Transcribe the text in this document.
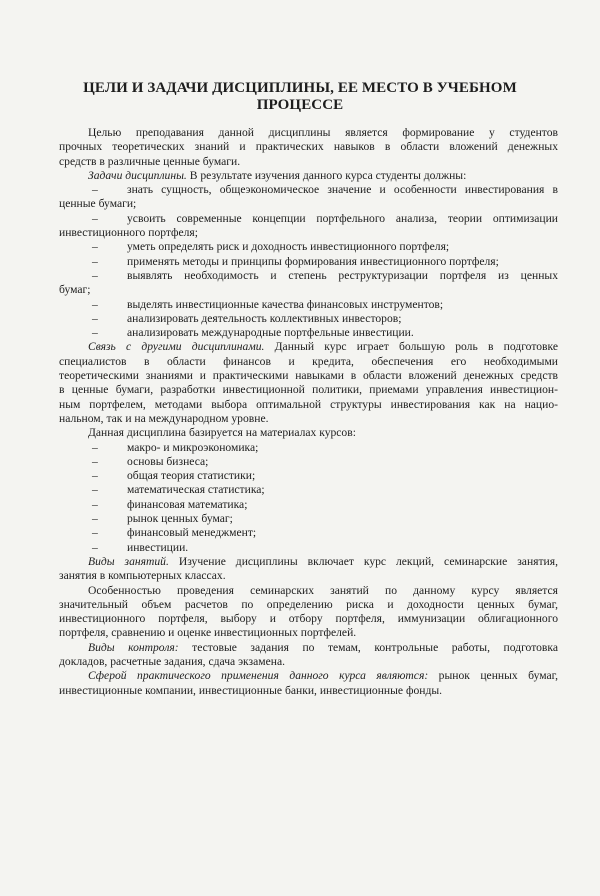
ЦЕЛИ И ЗАДАЧИ ДИСЦИПЛИНЫ, ЕЕ МЕСТО В УЧЕБНОМ
ПРОЦЕССЕ
Целью преподавания данной дисциплины является формирование у студентов
прочных теоретических знаний и практических навыков в области вложений денежных
средств в различные ценные бумаги.
Задачи дисциплины. В результате изучения данного курса студенты должны:
–	знать сущность, общеэкономическое значение и особенности инвестирования в
ценные бумаги;
–	усвоить современные концепции портфельного анализа, теории оптимизации
инвестиционного портфеля;
–	уметь определять риск и доходность инвестиционного портфеля;
–	применять методы и принципы формирования инвестиционного портфеля;
–	выявлять необходимость и степень реструктуризации портфеля из ценных
бумаг;
–	выделять инвестиционные качества финансовых инструментов;
–	анализировать деятельность коллективных инвесторов;
–	анализировать международные портфельные инвестиции.
Связь с другими дисциплинами. Данный курс играет большую роль в подготовке
специалистов в области финансов и кредита, обеспечения его необходимыми
теоретическими знаниями и практическими навыками в области вложений денежных средств
в ценные бумаги, разработки инвестиционной политики, приемами управления инвестицион-
ным портфелем, методами выбора оптимальной структуры инвестирования как на нацио-
нальном, так и на международном уровне.
Данная дисциплина базируется на материалах курсов:
–	макро- и микроэкономика;
–	основы бизнеса;
–	общая теория статистики;
–	математическая статистика;
–	финансовая математика;
–	рынок ценных бумаг;
–	финансовый менеджмент;
–	инвестиции.
Виды занятий. Изучение дисциплины включает курс лекций, семинарские занятия,
занятия в компьютерных классах.
Особенностью проведения семинарских занятий по данному курсу является
значительный объем расчетов по определению риска и доходности ценных бумаг,
инвестиционного портфеля, выбору и отбору портфеля, иммунизации облигационного
портфеля, сравнению и оценке инвестиционных портфелей.
Виды контроля: тестовые задания по темам, контрольные работы, подготовка
докладов, расчетные задания, сдача экзамена.
Сферой практического применения данного курса являются: рынок ценных бумаг,
инвестиционные компании, инвестиционные банки, инвестиционные фонды.
